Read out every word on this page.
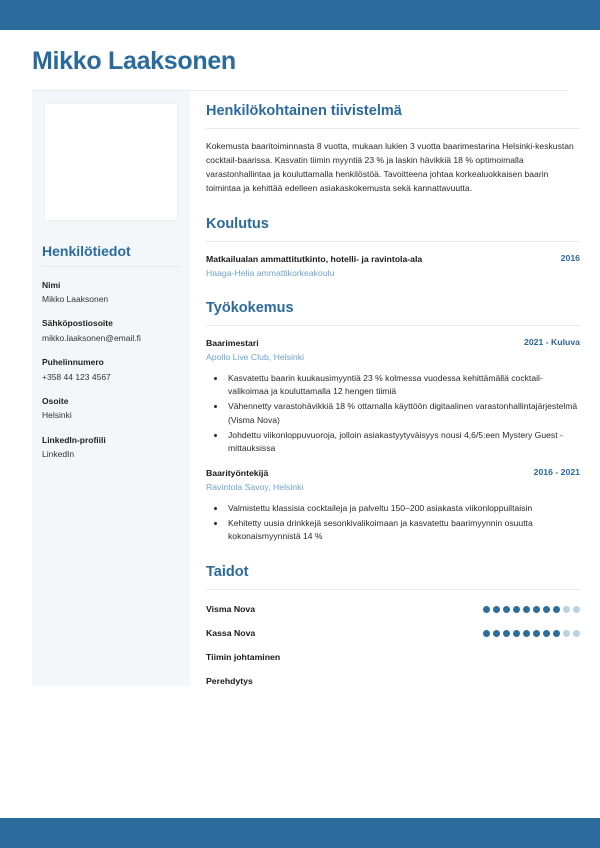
Mikko Laaksonen
Henkilötiedot
Nimi
Mikko Laaksonen
Sähköpostiosoite
mikko.laaksonen@email.fi
Puhelinnumero
+358 44 123 4567
Osoite
Helsinki
LinkedIn-profiili
LinkedIn
Henkilökohtainen tiivistelmä
Kokemusta baaritoiminnasta 8 vuotta, mukaan lukien 3 vuotta baarimestarina Helsinki-keskustan cocktail-baarissa. Kasvatin tiimin myyntiä 23 % ja laskin hävikkiä 18 % optimoimalla varastonhallintaa ja kouluttamalla henkilöstöä. Tavoitteena johtaa korkealuokkaisen baarin toimintaa ja kehittää edelleen asiakaskokemusta sekä kannattavuutta.
Koulutus
Matkailualan ammattitutkinto, hotelli- ja ravintola-ala	2016
Haaga-Helia ammattikorkeakoulu
Työkokemus
Baarimestari	2021 - Kuluva
Apollo Live Club, Helsinki
• Kasvatettu baarin kuukausimyyntiä 23 % kolmessa vuodessa kehittämällä cocktail-valikoimaa ja kouluttamalla 12 hengen tiimiä
• Vähennetty varastohävikkiä 18 % ottamalla käyttöön digitaalinen varastonhallintajärjestelmä (Visma Nova)
• Johdettu viikonloppuvuoroja, jolloin asiakastyytyväisyys nousi 4,6/5:een Mystery Guest -mittauksissa
Baarityöntekijä	2016 - 2021
Ravintola Savoy, Helsinki
• Valmistettu klassisia cocktaileja ja palveltu 150–200 asiakasta viikonloppuiltaisin
• Kehitetty uusia drinkkejä sesonkivalikoimaan ja kasvatettu baarimyynnin osuutta kokonaismyynnistä 14 %
Taidot
Visma Nova
Kassa Nova
Tiimin johtaminen
Perehdytys
